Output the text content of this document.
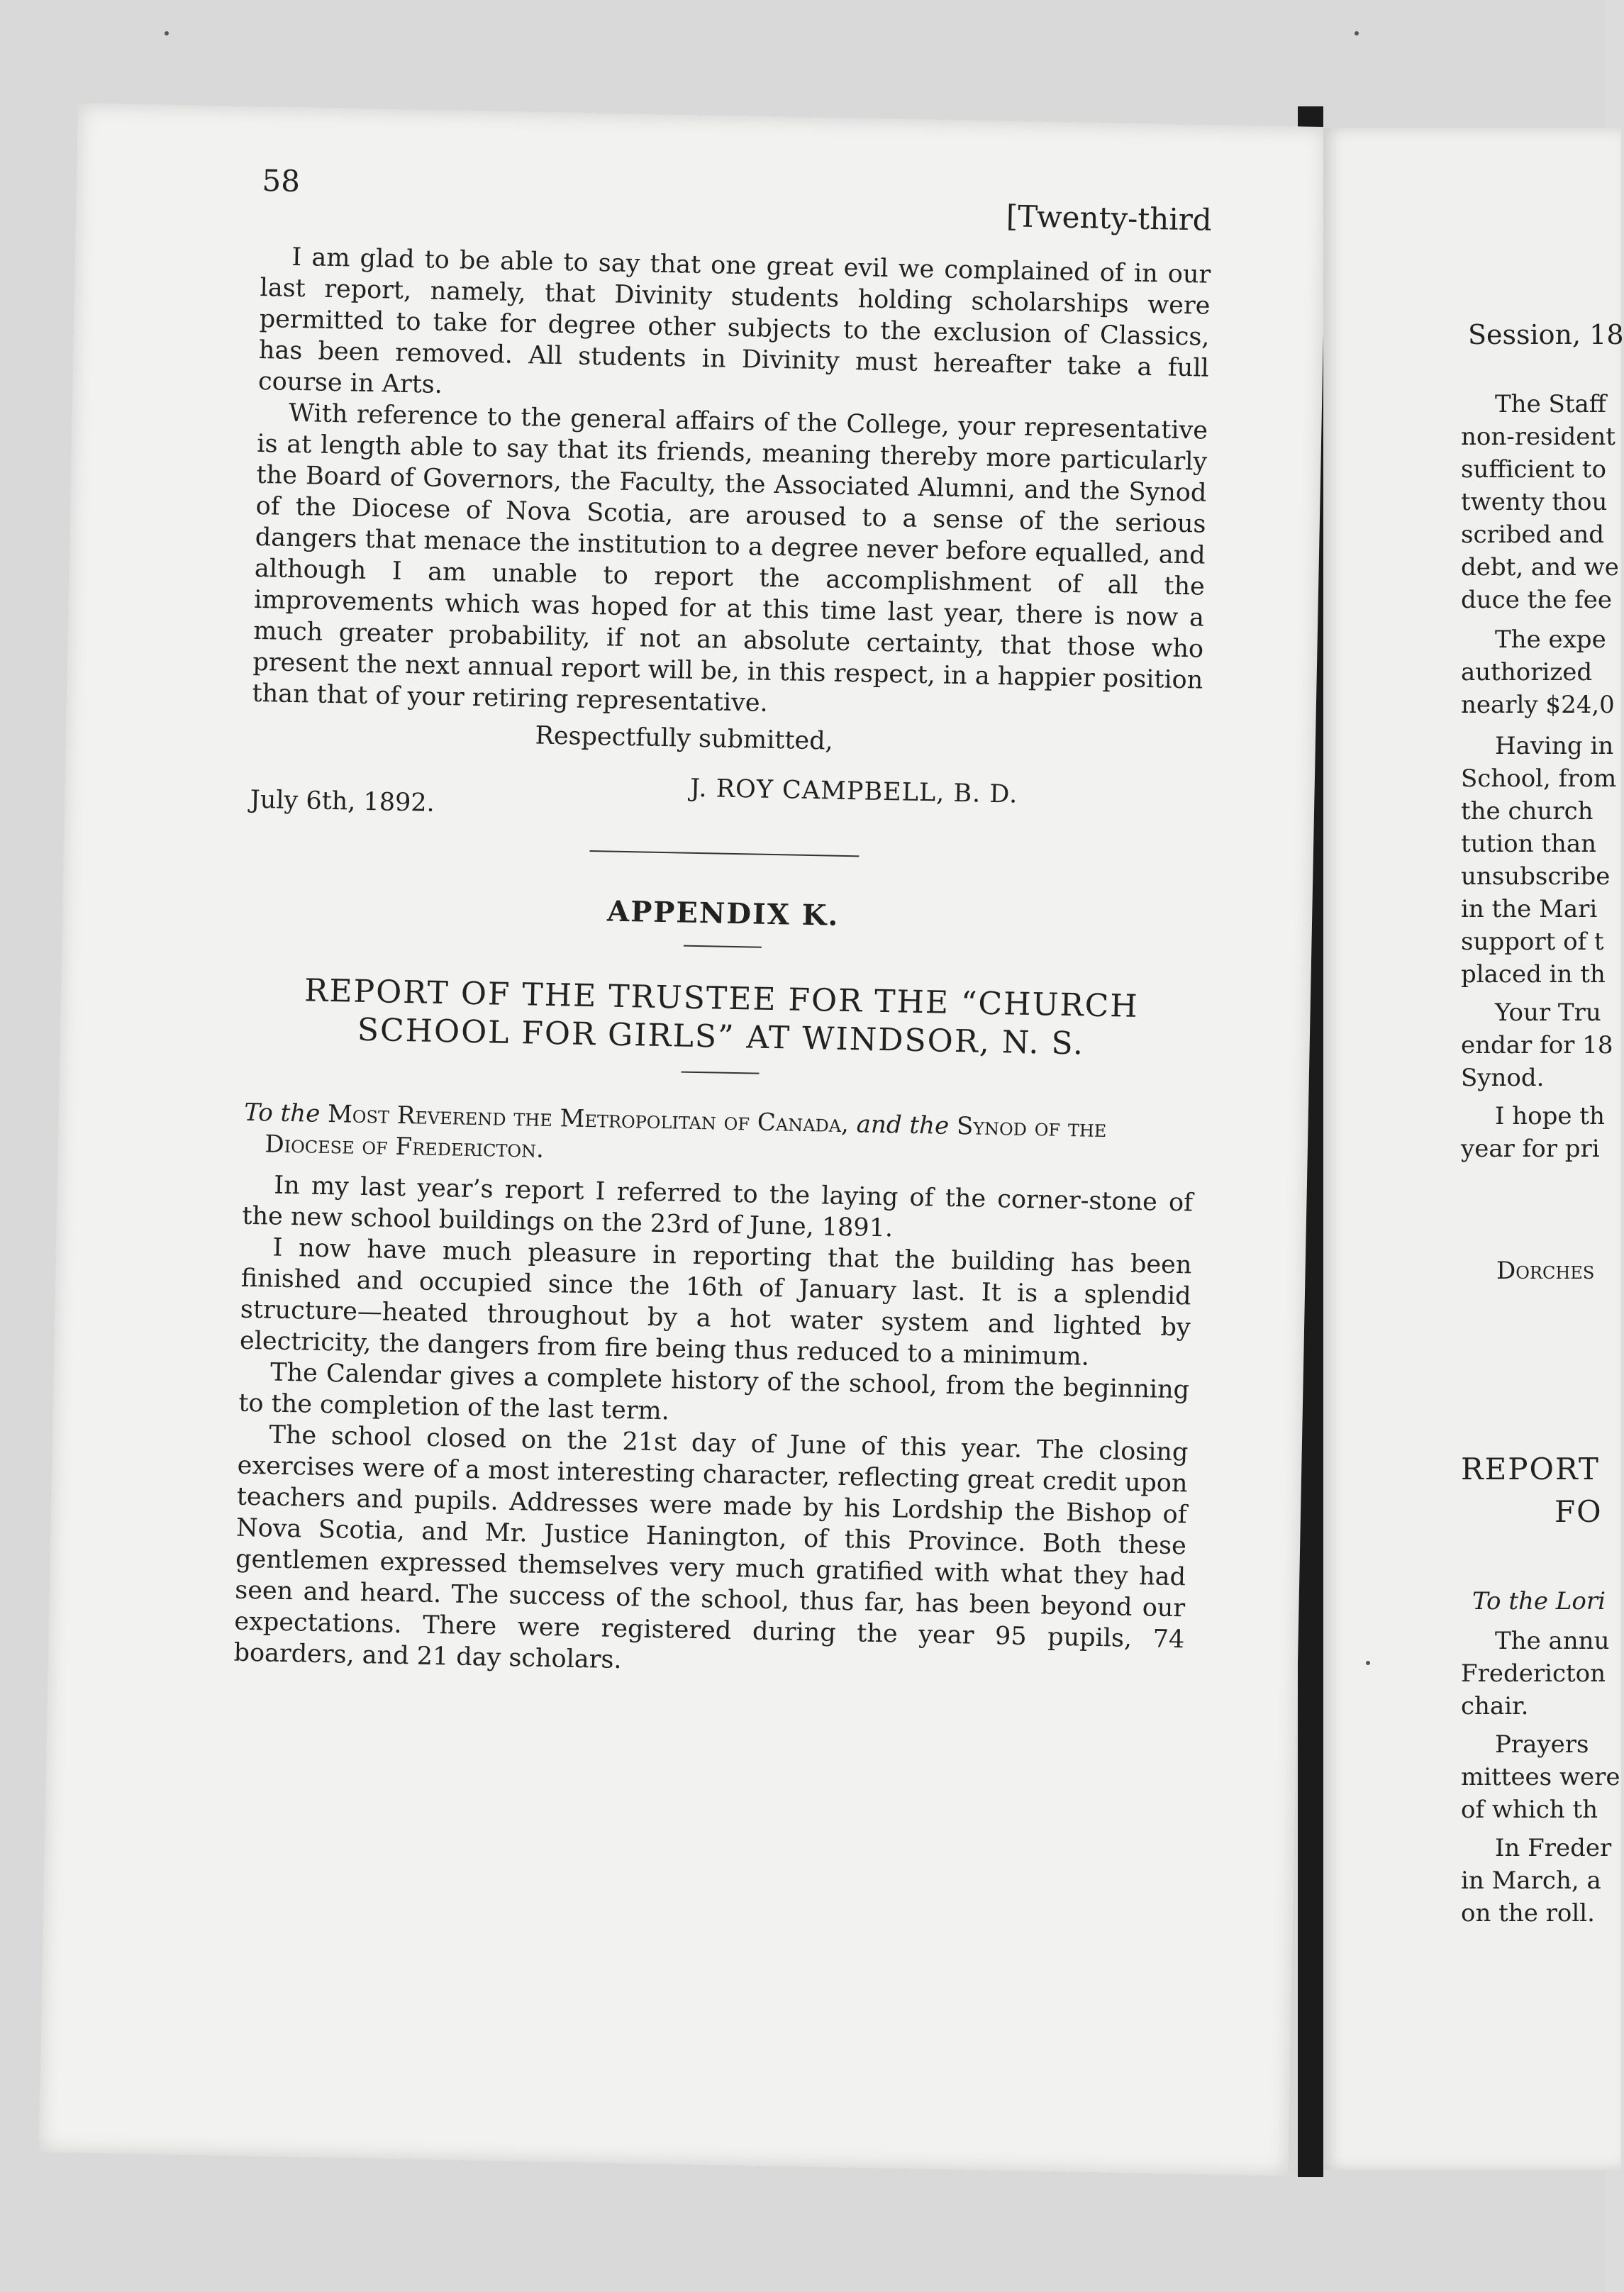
58
[Twenty-third

I am glad to be able to say that one great evil we complained of in our last report, namely, that Divinity students holding scholarships were permitted to take for degree other subjects to the exclusion of Classics, has been removed. All students in Divinity must hereafter take a full course in Arts.

With reference to the general affairs of the College, your representative is at length able to say that its friends, meaning thereby more particularly the Board of Governors, the Faculty, the Associated Alumni, and the Synod of the Diocese of Nova Scotia, are aroused to a sense of the serious dangers that menace the institution to a degree never before equalled, and although I am unable to report the accomplishment of all the improvements which was hoped for at this time last year, there is now a much greater probability, if not an absolute certainty, that those who present the next annual report will be, in this respect, in a happier position than that of your retiring representative.

Respectfully submitted,
J. ROY CAMPBELL, B. D.
July 6th, 1892.
APPENDIX K.
REPORT OF THE TRUSTEE FOR THE “CHURCH
SCHOOL FOR GIRLS” AT WINDSOR, N. S.
To the Most Reverend the Metropolitan of Canada, and the Synod of the Diocese of Fredericton.

In my last year’s report I referred to the laying of the corner-stone of the new school buildings on the 23rd of June, 1891.

I now have much pleasure in reporting that the building has been finished and occupied since the 16th of January last. It is a splendid structure—heated throughout by a hot water system and lighted by electricity, the dangers from fire being thus reduced to a minimum.

The Calendar gives a complete history of the school, from the beginning to the completion of the last term.

The school closed on the 21st day of June of this year. The closing exercises were of a most interesting character, reflecting great credit upon teachers and pupils. Addresses were made by his Lordship the Bishop of Nova Scotia, and Mr. Justice Hanington, of this Province. Both these gentlemen expressed themselves very much gratified with what they had seen and heard. The success of the school, thus far, has been beyond our expectations. There were registered during the year 95 pupils, 74 boarders, and 21 day scholars.

Session, 18
The Staff
non-resident
sufficient to
twenty thou
scribed and
debt, and we
duce the fee
The expe
authorized
nearly $24,0
Having in
School, from
the church
tution than
unsubscribe
in the Mari
support of t
placed in th
Your Tru
endar for 18
Synod.
I hope th
year for pri
Dorches
REPORT
FO
To the Lori
The annu
Fredericton
chair.
Prayers
mittees were
of which th
In Freder
in March, a
on the roll.
